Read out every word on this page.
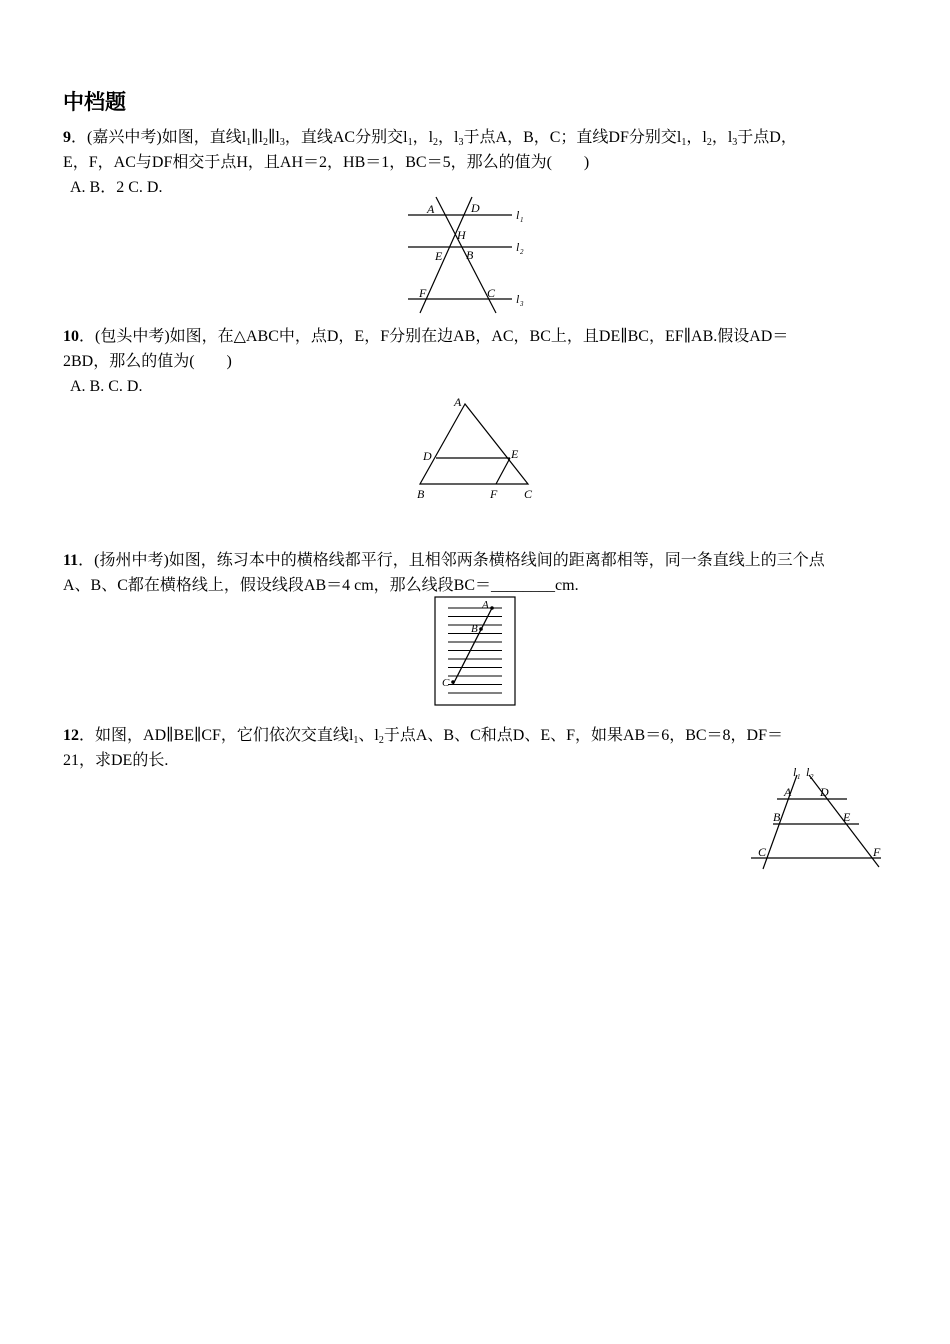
中档题
9．(嘉兴中考)如图，直线$l_1\parallel l_2\parallel l_3$，直线AC分别交$l_1$，$l_2$，$l_3$于点A，B，C；直线DF分别交$l_1$，$l_2$，$l_3$于点D，
E，F，AC与DF相交于点H，且AH＝2，HB＝1，BC＝5，那么的值为(　　)
A. B．2 C. D.
A	D
H
E B
F	C
l 1
l 2
l 3
10．(包头中考)如图，在△ABC中，点D，E，F分别在边AB，AC，BC上，且DE∥BC，EF∥AB.假设AD＝
2BD，那么的值为(　　)
A. B. C. D.
A
D	E
B	F C
11．(扬州中考)如图，练习本中的横格线都平行，且相邻两条横格线间的距离都相等，同一条直线上的三个点
A、B、C都在横格线上，假设线段AB＝4 cm，那么线段BC＝________cm.
A
B
C
12．如图，AD∥BE∥CF，它们依次交直线$l_1$、$l_2$于点A、B、C和点D、E、F，如果AB＝6，BC＝8，DF＝
21，求DE的长.
l 1 l 2
A D
B	E
C	F
